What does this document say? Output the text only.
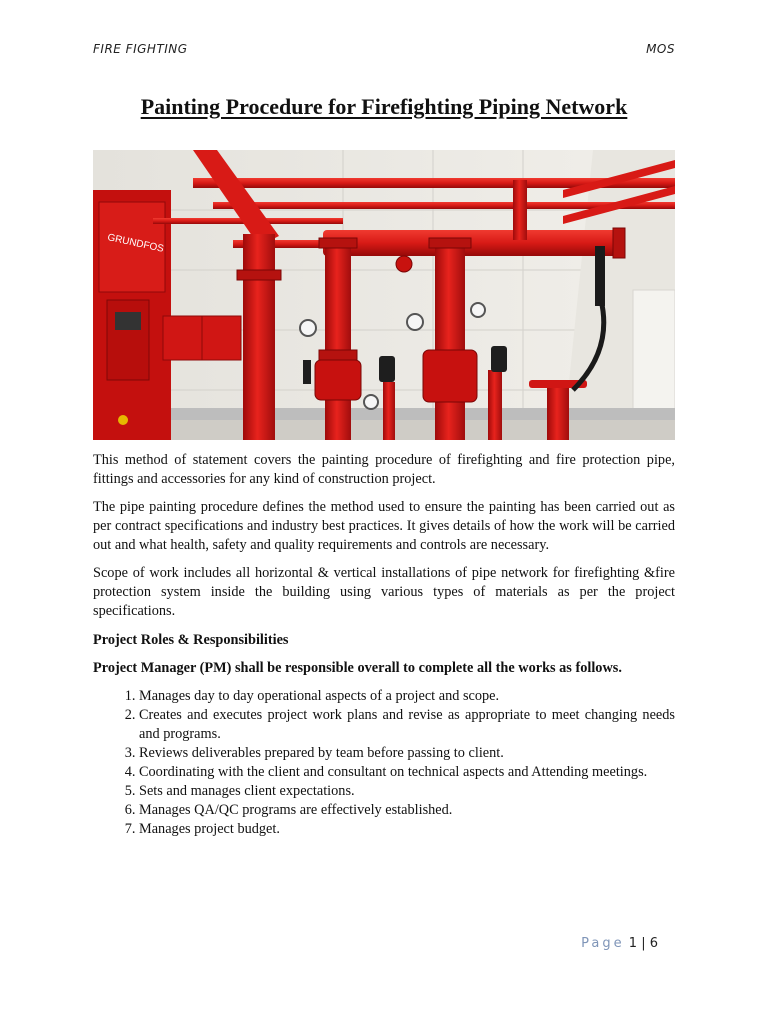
FIRE FIGHTING	MOS
Painting Procedure for Firefighting Piping Network
GRUNDFOS

This method of statement covers the painting procedure of firefighting and fire protection pipe, fittings and accessories for any kind of construction project.

The pipe painting procedure defines the method used to ensure the painting has been carried out as per contract specifications and industry best practices. It gives details of how the work will be carried out and what health, safety and quality requirements and controls are necessary.

Scope of work includes all horizontal & vertical installations of pipe network for firefighting &fire protection system inside the building using various types of materials as per the project specifications.

Project Roles & Responsibilities

Project Manager (PM) shall be responsible overall to complete all the works as follows.

1. Manages day to day operational aspects of a project and scope.
2. Creates and executes project work plans and revise as appropriate to meet changing needs and programs.
3. Reviews deliverables prepared by team before passing to client.
4. Coordinating with the client and consultant on technical aspects and Attending meetings.
5. Sets and manages client expectations.
6. Manages QA/QC programs are effectively established.
7. Manages project budget.
Page 1 | 6
